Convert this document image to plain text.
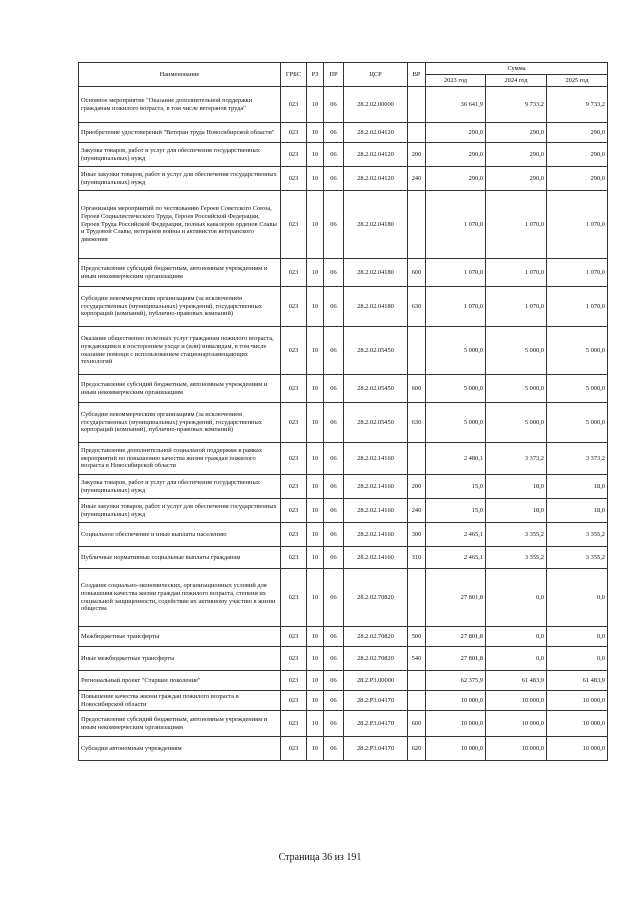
Наименование	ГРБС	РЗ	ПР	ЦСР	ВР	Сумма		
						2023 год	2024 год	2025 год
Основное мероприятие "Оказание дополнительной поддержки гражданам пожилого возраста, в том числе ветеранов труда"	023	10	06	28.2.02.00000		36 641,9	9 733,2	9 733,2
Приобретение удостоверений "Ветеран труда Новосибирской области"	023	10	06	28.2.02.04120		290,0	290,0	290,0
Закупка товаров, работ и услуг для обеспечения государственных (муниципальных) нужд	023	10	06	28.2.02.04120	200	290,0	290,0	290,0
Иные закупки товаров, работ и услуг для обеспечения государственных (муниципальных) нужд	023	10	06	28.2.02.04120	240	290,0	290,0	290,0
Организация мероприятий по чествованию Героев Советского Союза, Героев Социалистического Труда, Героев Российской Федерации, Героев Труда Российской Федерации, полных кавалеров орденов Славы и Трудовой Славы, ветеранов войны и активистов ветеранского движения	023	10	06	28.2.02.04180		1 070,0	1 070,0	1 070,0
Предоставление субсидий бюджетным, автономным учреждениям и иным некоммерческим организациям	023	10	06	28.2.02.04180	600	1 070,0	1 070,0	1 070,0
Субсидии некоммерческим организациям (за исключением государственных (муниципальных) учреждений, государственных корпораций (компаний), публично-правовых компаний)	023	10	06	28.2.02.04180	630	1 070,0	1 070,0	1 070,0
Оказание общественно полезных услуг гражданам пожилого возраста, нуждающимся в постороннем уходе и (или) инвалидам, в том числе оказание помощи с использованием стационарозамещающих технологий	023	10	06	28.2.02.05450		5 000,0	5 000,0	5 000,0
Предоставление субсидий бюджетным, автономным учреждениям и иным некоммерческим организациям	023	10	06	28.2.02.05450	600	5 000,0	5 000,0	5 000,0
Субсидии некоммерческим организациям (за исключением государственных (муниципальных) учреждений, государственных корпораций (компаний), публично-правовых компаний)	023	10	06	28.2.02.05450	630	5 000,0	5 000,0	5 000,0
Предоставление дополнительной социальной поддержки в рамках мероприятий по повышению качества жизни граждан пожилого возраста в Новосибирской области	023	10	06	28.2.02.14160		2 480,1	3 373,2	3 373,2
Закупка товаров, работ и услуг для обеспечения государственных (муниципальных) нужд	023	10	06	28.2.02.14160	200	15,0	18,0	18,0
Иные закупки товаров, работ и услуг для обеспечения государственных (муниципальных) нужд	023	10	06	28.2.02.14160	240	15,0	18,0	18,0
Социальное обеспечение и иные выплаты населению	023	10	06	28.2.02.14160	300	2 465,1	3 355,2	3 355,2
Публичные нормативные социальные выплаты гражданам	023	10	06	28.2.02.14160	310	2 465,1	3 355,2	3 355,2
Создание социально-экономических, организационных условий для повышения качества жизни граждан пожилого возраста, степени их социальной защищенности, содействие их активному участию в жизни общества	023	10	06	28.2.02.70820		27 801,8	0,0	0,0
Межбюджетные трансферты	023	10	06	28.2.02.70820	500	27 801,8	0,0	0,0
Иные межбюджетные трансферты	023	10	06	28.2.02.70820	540	27 801,8	0,0	0,0
Региональный проект "Старшее поколение"	023	10	06	28.2.P3.00000		62 375,9	61 483,9	61 483,9
Повышение качества жизни граждан пожилого возраста в Новосибирской области	023	10	06	28.2.P3.04170		10 000,0	10 000,0	10 000,0
Предоставление субсидий бюджетным, автономным учреждениям и иным некоммерческим организациям	023	10	06	28.2.P3.04170	600	10 000,0	10 000,0	10 000,0
Субсидии автономным учреждениям	023	10	06	28.2.P3.04170	620	10 000,0	10 000,0	10 000,0
Страница 36 из 191
